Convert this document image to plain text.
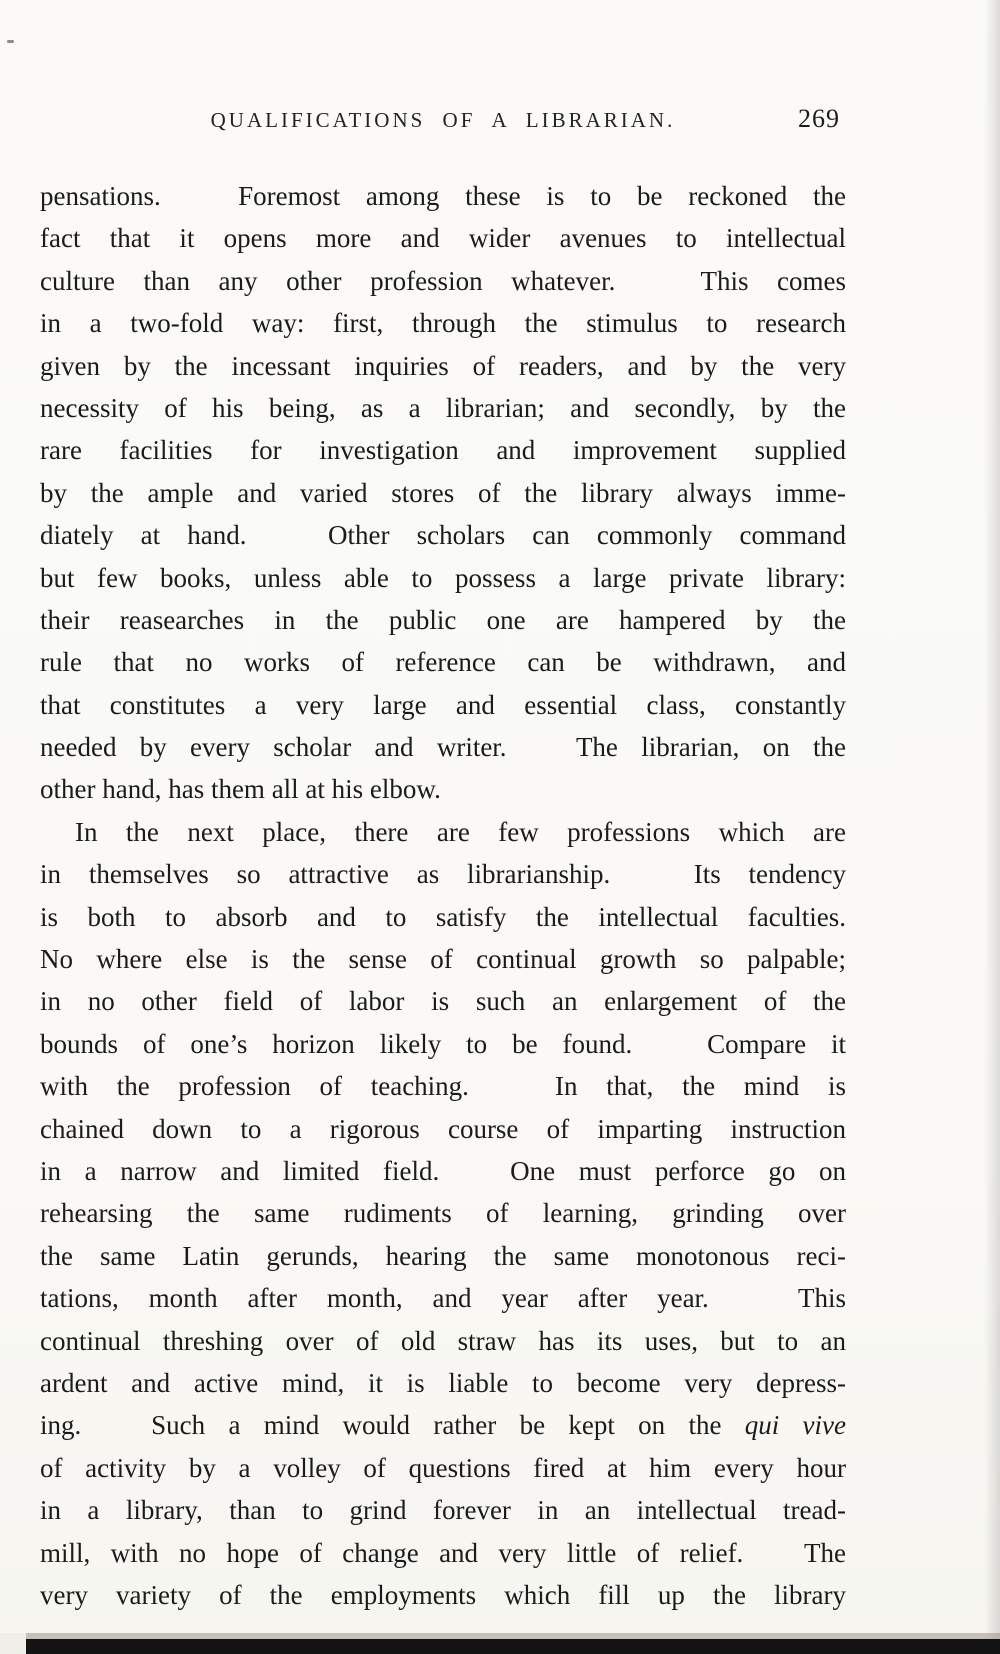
QUALIFICATIONS OF A LIBRARIAN.	269
pensations.   Foremost among these is to be reckoned the
fact that it opens more and wider avenues to intellectual
culture than any other profession whatever.   This comes
in a two-fold way: first, through the stimulus to research
given by the incessant inquiries of readers, and by the very
necessity of his being, as a librarian; and secondly, by the
rare facilities for investigation and improvement supplied
by the ample and varied stores of the library always imme-
diately at hand.   Other scholars can commonly command
but few books, unless able to possess a large private library:
their reasearches in the public one are hampered by the
rule that no works of reference can be withdrawn, and
that constitutes a very large and essential class, constantly
needed by every scholar and writer.   The librarian, on the
other hand, has them all at his elbow.
In the next place, there are few professions which are
in themselves so attractive as librarianship.   Its tendency
is both to absorb and to satisfy the intellectual faculties.
No where else is the sense of continual growth so palpable;
in no other field of labor is such an enlargement of the
bounds of one’s horizon likely to be found.   Compare it
with the profession of teaching.   In that, the mind is
chained down to a rigorous course of imparting instruction
in a narrow and limited field.   One must perforce go on
rehearsing the same rudiments of learning, grinding over
the same Latin gerunds, hearing the same monotonous reci-
tations, month after month, and year after year.   This
continual threshing over of old straw has its uses, but to an
ardent and active mind, it is liable to become very depress-
ing.   Such a mind would rather be kept on the qui vive
of activity by a volley of questions fired at him every hour
in a library, than to grind forever in an intellectual tread-
mill, with no hope of change and very little of relief.   The
very variety of the employments which fill up the library
